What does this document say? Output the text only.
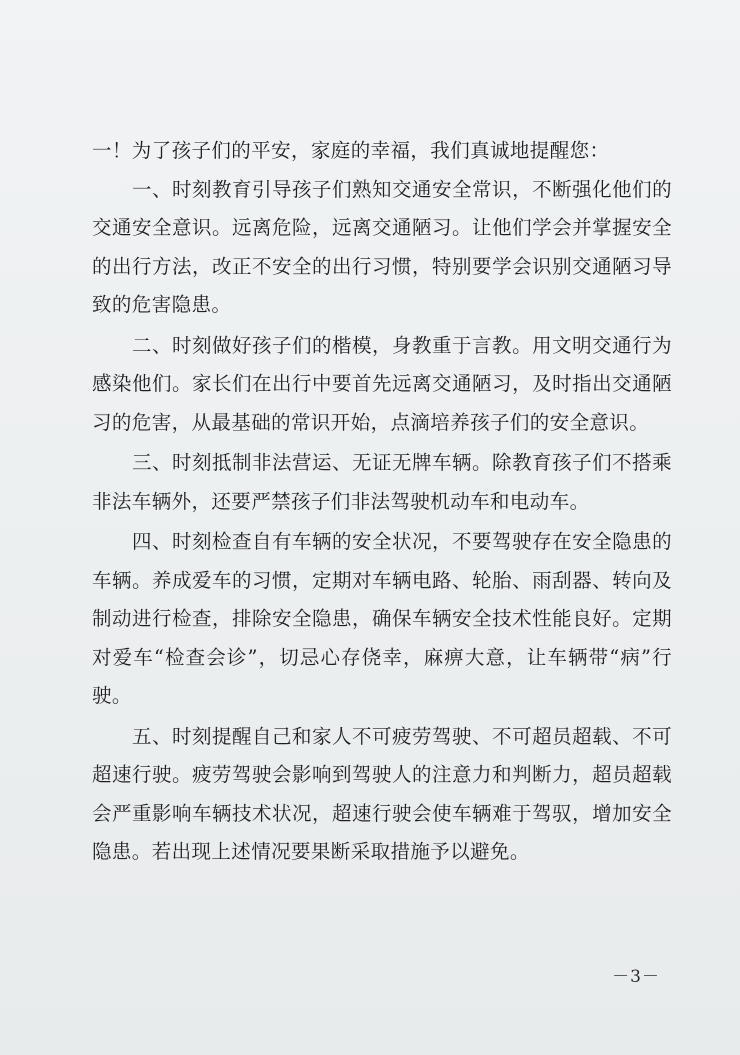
一！为了孩子们的平安，家庭的幸福，我们真诚地提醒您：

一、时刻教育引导孩子们熟知交通安全常识，不断强化他们的交通安全意识。远离危险，远离交通陋习。让他们学会并掌握安全的出行方法，改正不安全的出行习惯，特别要学会识别交通陋习导致的危害隐患。

二、时刻做好孩子们的楷模，身教重于言教。用文明交通行为感染他们。家长们在出行中要首先远离交通陋习，及时指出交通陋习的危害，从最基础的常识开始，点滴培养孩子们的安全意识。

三、时刻抵制非法营运、无证无牌车辆。除教育孩子们不搭乘非法车辆外，还要严禁孩子们非法驾驶机动车和电动车。

四、时刻检查自有车辆的安全状况，不要驾驶存在安全隐患的车辆。养成爱车的习惯，定期对车辆电路、轮胎、雨刮器、转向及制动进行检查，排除安全隐患，确保车辆安全技术性能良好。定期对爱车“检查会诊”，切忌心存侥幸，麻痹大意，让车辆带“病”行驶。

五、时刻提醒自己和家人不可疲劳驾驶、不可超员超载、不可超速行驶。疲劳驾驶会影响到驾驶人的注意力和判断力，超员超载会严重影响车辆技术状况，超速行驶会使车辆难于驾驭，增加安全隐患。若出现上述情况要果断采取措施予以避免。

－3－
